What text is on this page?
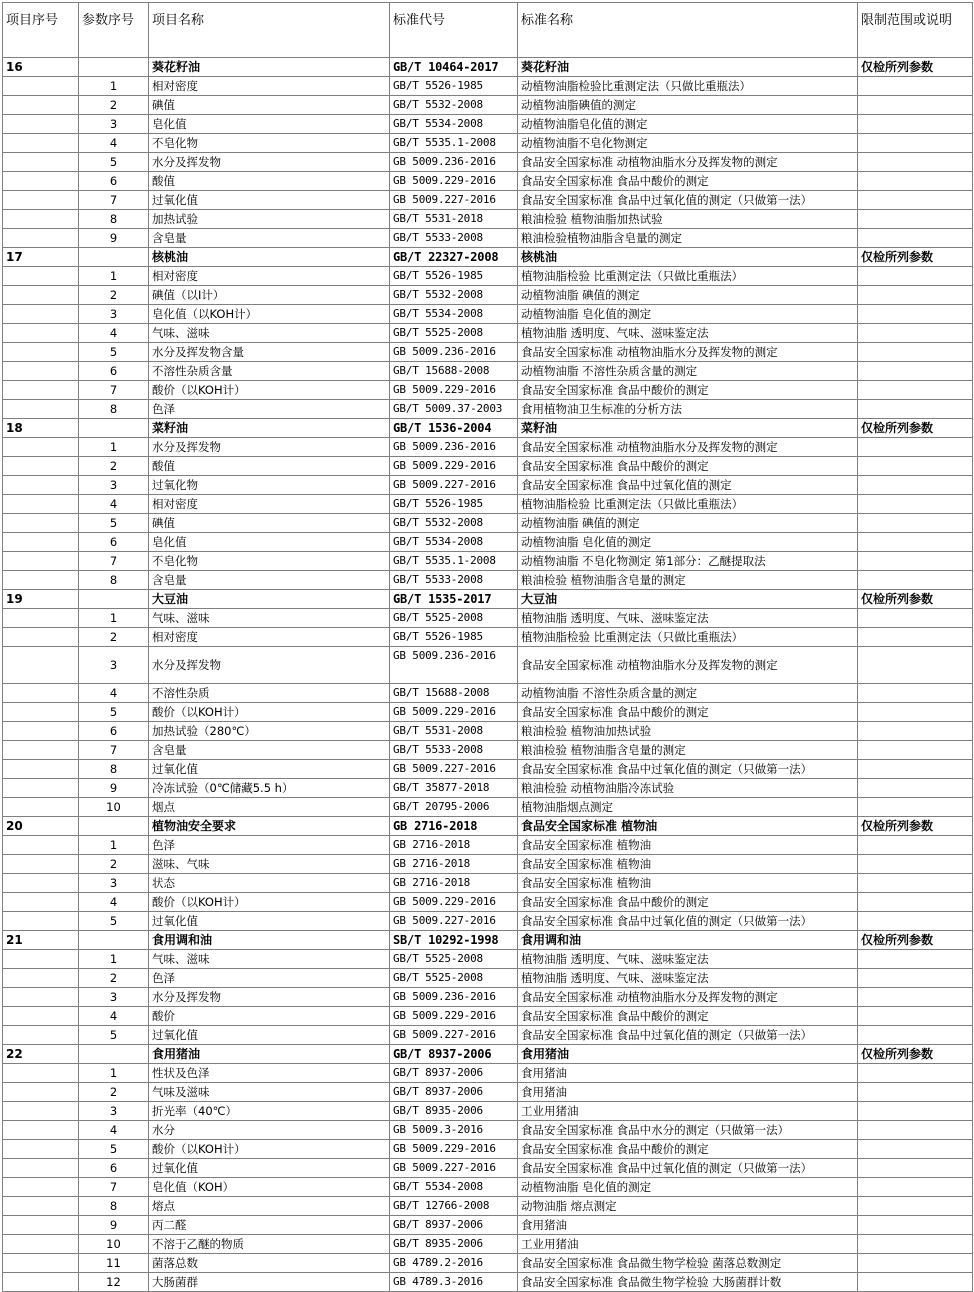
项目序号	参数序号	项目名称	标准代号	标准名称	限制范围或说明
16		葵花籽油	GB/T 10464-2017	葵花籽油	仅检所列参数
	1	相对密度	GB/T 5526-1985	动植物油脂检验比重测定法（只做比重瓶法）	
	2	碘值	GB/T 5532-2008	动植物油脂碘值的测定	
	3	皂化值	GB/T 5534-2008	动植物油脂皂化值的测定	
	4	不皂化物	GB/T 5535.1-2008	动植物油脂不皂化物测定	
	5	水分及挥发物	GB 5009.236-2016	食品安全国家标准 动植物油脂水分及挥发物的测定	
	6	酸值	GB 5009.229-2016	食品安全国家标准 食品中酸价的测定	
	7	过氧化值	GB 5009.227-2016	食品安全国家标准 食品中过氧化值的测定（只做第一法）	
	8	加热试验	GB/T 5531-2018	粮油检验 植物油脂加热试验	
	9	含皂量	GB/T 5533-2008	粮油检验植物油脂含皂量的测定	
17		核桃油	GB/T 22327-2008	核桃油	仅检所列参数
	1	相对密度	GB/T 5526-1985	植物油脂检验 比重测定法（只做比重瓶法）	
	2	碘值（以I计）	GB/T 5532-2008	动植物油脂 碘值的测定	
	3	皂化值（以KOH计）	GB/T 5534-2008	动植物油脂 皂化值的测定	
	4	气味、滋味	GB/T 5525-2008	植物油脂 透明度、气味、滋味鉴定法	
	5	水分及挥发物含量	GB 5009.236-2016	食品安全国家标准 动植物油脂水分及挥发物的测定	
	6	不溶性杂质含量	GB/T 15688-2008	动植物油脂 不溶性杂质含量的测定	
	7	酸价（以KOH计）	GB 5009.229-2016	食品安全国家标准 食品中酸价的测定	
	8	色泽	GB/T 5009.37-2003	食用植物油卫生标准的分析方法	
18		菜籽油	GB/T 1536-2004	菜籽油	仅检所列参数
	1	水分及挥发物	GB 5009.236-2016	食品安全国家标准 动植物油脂水分及挥发物的测定	
	2	酸值	GB 5009.229-2016	食品安全国家标准 食品中酸价的测定	
	3	过氧化物	GB 5009.227-2016	食品安全国家标准 食品中过氧化值的测定	
	4	相对密度	GB/T 5526-1985	植物油脂检验 比重测定法（只做比重瓶法）	
	5	碘值	GB/T 5532-2008	动植物油脂 碘值的测定	
	6	皂化值	GB/T 5534-2008	动植物油脂 皂化值的测定	
	7	不皂化物	GB/T 5535.1-2008	动植物油脂 不皂化物测定 第1部分：乙醚提取法	
	8	含皂量	GB/T 5533-2008	粮油检验 植物油脂含皂量的测定	
19		大豆油	GB/T 1535-2017	大豆油	仅检所列参数
	1	气味、滋味	GB/T 5525-2008	植物油脂 透明度、气味、滋味鉴定法	
	2	相对密度	GB/T 5526-1985	植物油脂检验 比重测定法（只做比重瓶法）	
	3	水分及挥发物	GB 5009.236-2016	食品安全国家标准 动植物油脂水分及挥发物的测定	
	4	不溶性杂质	GB/T 15688-2008	动植物油脂 不溶性杂质含量的测定	
	5	酸价（以KOH计）	GB 5009.229-2016	食品安全国家标准 食品中酸价的测定	
	6	加热试验（280℃）	GB/T 5531-2008	粮油检验 植物油加热试验	
	7	含皂量	GB/T 5533-2008	粮油检验 植物油脂含皂量的测定	
	8	过氧化值	GB 5009.227-2016	食品安全国家标准 食品中过氧化值的测定（只做第一法）	
	9	冷冻试验（0℃储藏5.5 h）	GB/T 35877-2018	粮油检验 动植物油脂冷冻试验	
	10	烟点	GB/T 20795-2006	植物油脂烟点测定	
20		植物油安全要求	GB 2716-2018	食品安全国家标准 植物油	仅检所列参数
	1	色泽	GB 2716-2018	食品安全国家标准 植物油	
	2	滋味、气味	GB 2716-2018	食品安全国家标准 植物油	
	3	状态	GB 2716-2018	食品安全国家标准 植物油	
	4	酸价（以KOH计）	GB 5009.229-2016	食品安全国家标准 食品中酸价的测定	
	5	过氧化值	GB 5009.227-2016	食品安全国家标准 食品中过氧化值的测定（只做第一法）	
21		食用调和油	SB/T 10292-1998	食用调和油	仅检所列参数
	1	气味、滋味	GB/T 5525-2008	植物油脂 透明度、气味、滋味鉴定法	
	2	色泽	GB/T 5525-2008	植物油脂 透明度、气味、滋味鉴定法	
	3	水分及挥发物	GB 5009.236-2016	食品安全国家标准 动植物油脂水分及挥发物的测定	
	4	酸价	GB 5009.229-2016	食品安全国家标准 食品中酸价的测定	
	5	过氧化值	GB 5009.227-2016	食品安全国家标准 食品中过氧化值的测定（只做第一法）	
22		食用猪油	GB/T 8937-2006	食用猪油	仅检所列参数
	1	性状及色泽	GB/T 8937-2006	食用猪油	
	2	气味及滋味	GB/T 8937-2006	食用猪油	
	3	折光率（40℃）	GB/T 8935-2006	工业用猪油	
	4	水分	GB 5009.3-2016	食品安全国家标准 食品中水分的测定（只做第一法）	
	5	酸价（以KOH计）	GB 5009.229-2016	食品安全国家标准 食品中酸价的测定	
	6	过氧化值	GB 5009.227-2016	食品安全国家标准 食品中过氧化值的测定（只做第一法）	
	7	皂化值（KOH）	GB/T 5534-2008	动植物油脂 皂化值的测定	
	8	熔点	GB/T 12766-2008	动物油脂 熔点测定	
	9	丙二醛	GB/T 8937-2006	食用猪油	
	10	不溶于乙醚的物质	GB/T 8935-2006	工业用猪油	
	11	菌落总数	GB 4789.2-2016	食品安全国家标准 食品微生物学检验 菌落总数测定	
	12	大肠菌群	GB 4789.3-2016	食品安全国家标准 食品微生物学检验 大肠菌群计数	
